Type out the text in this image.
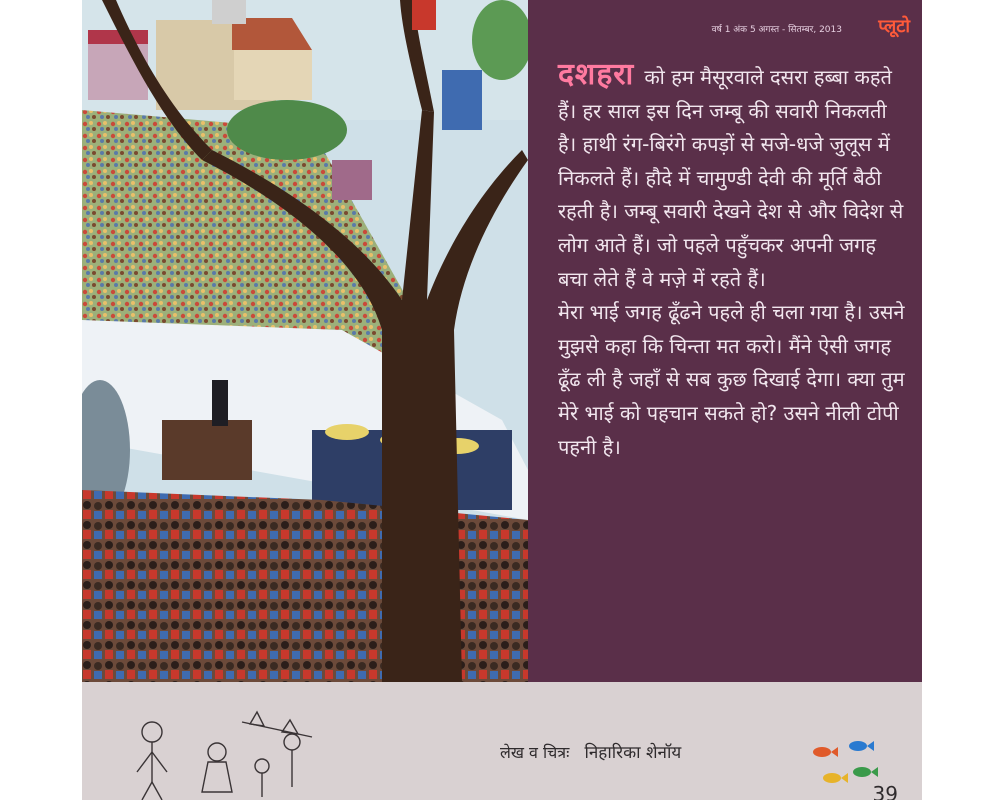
प्लूटो
वर्ष 1 अंक 5 अगस्त - सितम्बर, 2013

दशहरा को हम मैसूरवाले दसरा हब्बा कहते हैं। हर साल इस दिन जम्बू की सवारी निकलती है। हाथी रंग-बिरंगे कपड़ों से सजे-धजे जुलूस में निकलते हैं। हौदे में चामुण्डी देवी की मूर्ति बैठी रहती है। जम्बू सवारी देखने देश से और विदेश से लोग आते हैं। जो पहले पहुँचकर अपनी जगह बचा लेते हैं वे मज़े में रहते हैं।

मेरा भाई जगह ढूँढने पहले ही चला गया है। उसने मुझसे कहा कि चिन्ता मत करो। मैंने ऐसी जगह ढूँढ ली है जहाँ से सब कुछ दिखाई देगा। क्या तुम मेरे भाई को पहचान सकते हो? उसने नीली टोपी पहनी है।

लेख व चित्रः निहारिका शेनॉय
39
